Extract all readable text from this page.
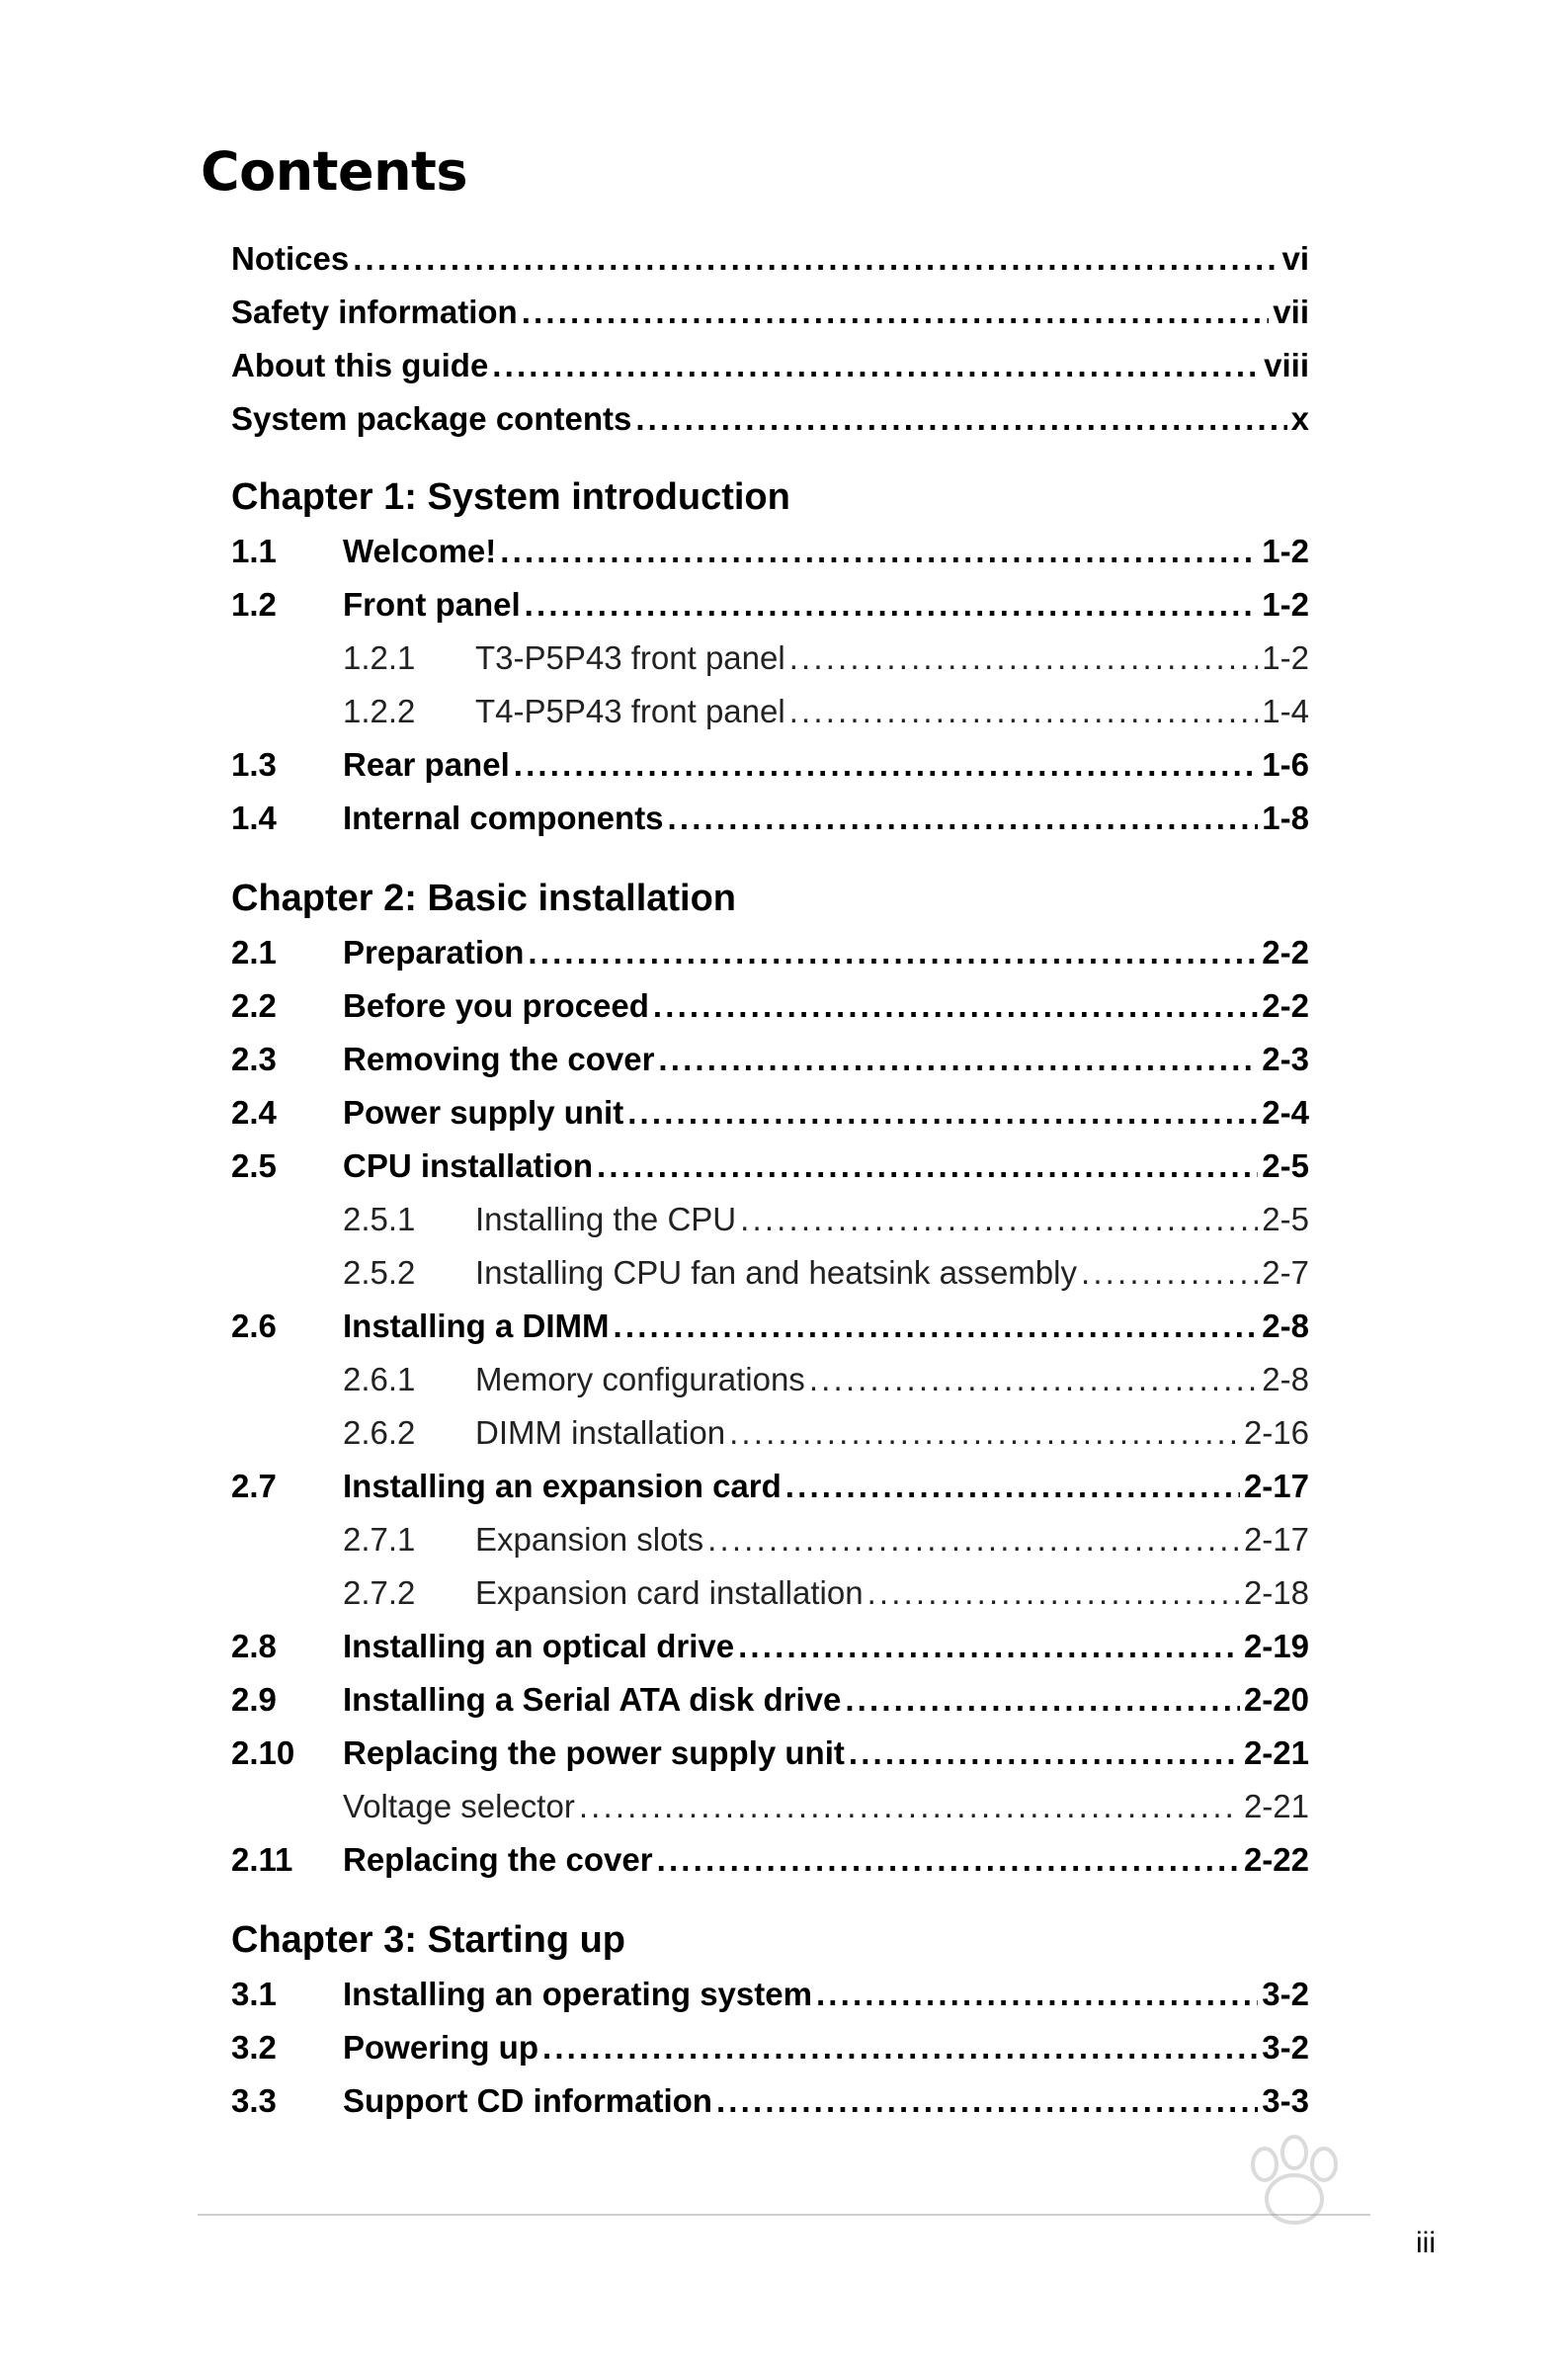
Contents
Notices . . .	vi
Safety information . . .	vii
About this guide . . .	viii
System package contents . . .	x
Chapter 1: System introduction
1.1	Welcome! . . .	1-2
1.2	Front panel . . .	1-2
1.2.1	T3-P5P43 front panel . . .	1-2
1.2.2	T4-P5P43 front panel . . .	1-4
1.3	Rear panel . . .	1-6
1.4	Internal components . . .	1-8
Chapter 2: Basic installation
2.1	Preparation . . .	2-2
2.2	Before you proceed . . .	2-2
2.3	Removing the cover . . .	2-3
2.4	Power supply unit . . .	2-4
2.5	CPU installation . . .	2-5
2.5.1	Installing the CPU . . .	2-5
2.5.2	Installing CPU fan and heatsink assembly . . .	2-7
2.6	Installing a DIMM . . .	2-8
2.6.1	Memory configurations . . .	2-8
2.6.2	DIMM installation . . .	2-16
2.7	Installing an expansion card . . .	2-17
2.7.1	Expansion slots . . .	2-17
2.7.2	Expansion card installation . . .	2-18
2.8	Installing an optical drive . . .	2-19
2.9	Installing a Serial ATA disk drive . . .	2-20
2.10	Replacing the power supply unit . . .	2-21
Voltage selector . . .	2-21
2.11	Replacing the cover . . .	2-22
Chapter 3: Starting up
3.1	Installing an operating system . . .	3-2
3.2	Powering up . . .	3-2
3.3	Support CD information . . .	3-3
iii
